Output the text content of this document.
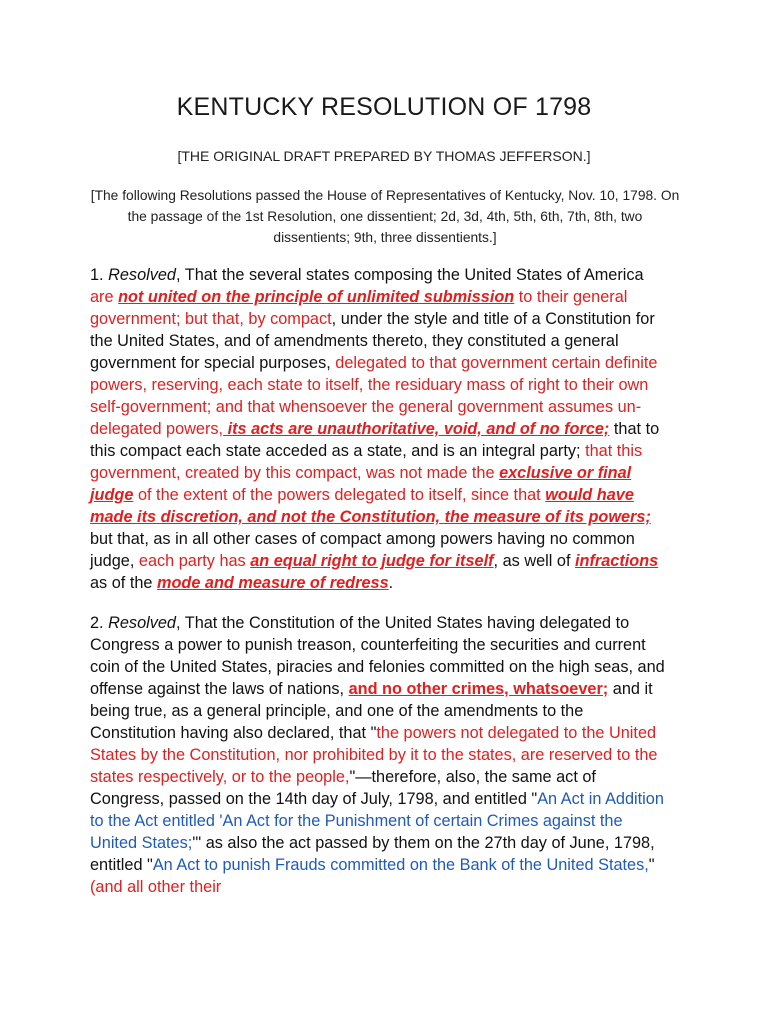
KENTUCKY RESOLUTION OF 1798
[THE ORIGINAL DRAFT PREPARED BY THOMAS JEFFERSON.]
[The following Resolutions passed the House of Representatives of Kentucky, Nov. 10, 1798. On the passage of the 1st Resolution, one dissentient; 2d, 3d, 4th, 5th, 6th, 7th, 8th, two dissentients; 9th, three dissentients.]
1. Resolved, That the several states composing the United States of America are not united on the principle of unlimited submission to their general government; but that, by compact, under the style and title of a Constitution for the United States, and of amendments thereto, they constituted a general government for special purposes, delegated to that government certain definite powers, reserving, each state to itself, the residuary mass of right to their own self-government; and that whensoever the general government assumes un-delegated powers, its acts are unauthoritative, void, and of no force; that to this compact each state acceded as a state, and is an integral party; that this government, created by this compact, was not made the exclusive or final judge of the extent of the powers delegated to itself, since that would have made its discretion, and not the Constitution, the measure of its powers; but that, as in all other cases of compact among powers having no common judge, each party has an equal right to judge for itself, as well of infractions as of the mode and measure of redress.
2. Resolved, That the Constitution of the United States having delegated to Congress a power to punish treason, counterfeiting the securities and current coin of the United States, piracies and felonies committed on the high seas, and offense against the laws of nations, and no other crimes, whatsoever; and it being true, as a general principle, and one of the amendments to the Constitution having also declared, that "the powers not delegated to the United States by the Constitution, nor prohibited by it to the states, are reserved to the states respectively, or to the people,"—therefore, also, the same act of Congress, passed on the 14th day of July, 1798, and entitled "An Act in Addition to the Act entitled 'An Act for the Punishment of certain Crimes against the United States;'" as also the act passed by them on the 27th day of June, 1798, entitled "An Act to punish Frauds committed on the Bank of the United States," (and all other their
